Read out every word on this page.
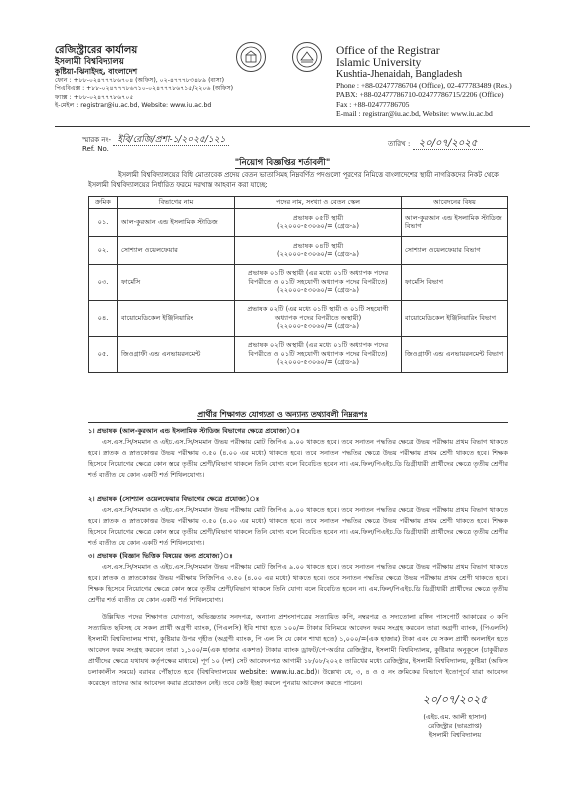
রেজিস্ট্রারের কার্যালয়
ইসলামী বিশ্ববিদ্যালয়
কুষ্টিয়া-ঝিনাইদহ, বাংলাদেশ
ফোন : +৮৮-০২৪৭৭৭৮৬৭০৪ (অফিস), ০২-৪৭৭৭৮৩৪৮৯ (বাসা)
পিএবিএক্স : +৮৮-০২৪৭৭৭৮৬৭১০-০২৪৭৭৭৮৬৭১৫/২২০৬ (অফিস)
ফ্যাক্স : +৮৮-০২৪৭৭৭৮৬৭০৫
ই-মেইল : registrar@iu.ac.bd, Website: www.iu.ac.bd
Office of the Registrar
Islamic University
Kushtia-Jhenaidah, Bangladesh
Phone : +88-02477786704 (Office), 02-477783489 (Res.)
PABX: +88-02477786710-02477786715/2206 (Office)
Fax : +88-02477786705
E-mail : registrar@iu.ac.bd, Website: www.iu.ac.bd
স্মারক নং- ইবি/রেজি/প্রশা-১/২০২৫/১২১
Ref. No.
তারিখ : ২০/০৭/২০২৫
"নিয়োগ বিজ্ঞপ্তির শর্তাবলী"
ইসলামী বিশ্ববিদ্যালয়ের বিধি মোতাবেক প্রদেয় বেতন ভাতাসিমহ নিম্নবর্ণিত পদগুলো পূরণের নিমিত্তে বাংলাদেশের স্থায়ী নাগরিকদের নিকট থেকে ইসলামী বিশ্ববিদ্যালয়ের নির্ধারিত ফরমে দরখাস্ত আহবান করা যাচ্ছে:
ক্রমিক	বিভাগের নাম	পদের নাম, সংখ্যা ও বেতন স্কেল	আবেদনের বিষয়
০১.	আল-কুরআন এন্ড ইসলামিক স্টাডিজ	প্রভাষক ০৫টি স্থায়ী
(২২০০০-৫৩০৬০/= (গ্রেড-৯)	আল-কুরআন এন্ড ইসলামিক স্টাডিজ বিভাগ
০২.	সোশ্যাল ওয়েলফেয়ার	প্রভাষক ০৪টি স্থায়ী
(২২০০০-৫৩০৬০/= (গ্রেড-৯)	সোশ্যাল ওয়েলফেয়ার বিভাগ
০৩.	ফার্মেসি	প্রভাষক ০১টি অস্থায়ী (এর মধ্যে ০১টি অধ্যাপক পদের বিপরীতে ও ০১টি সহযোগী অধ্যাপক পদের বিপরীতে)
(২২০০০-৫৩০৬০/= (গ্রেড-৯)	ফার্মেসি বিভাগ
০৪.	বায়োমেডিকেল ইঞ্জিনিয়ারিং	প্রভাষক ০২টি (এর মধ্যে ০১টি স্থায়ী ও ০১টি সহযোগী অধ্যাপক পদের বিপরীতে অস্থায়ী)
(২২০০০-৫৩০৬০/= (গ্রেড-৯)	বায়োমেডিকেল ইঞ্জিনিয়ারিং বিভাগ
০৫.	জিওগ্রাফী এন্ড এনভায়রনমেন্ট	প্রভাষক ০২টি অস্থায়ী (এর মধ্যে ০১টি অধ্যাপক পদের বিপরীতে ও ০১টি সহযোগী অধ্যাপক পদের বিপরীতে)
(২২০০০-৫৩০৬০/= (গ্রেড-৯)	জিওগ্রাফী এন্ড এনভায়রনমেন্ট বিভাগ
প্রার্থীর শিক্ষাগত যোগ্যতা ও অন্যান্য তথ্যাবলী নিম্নরূপঃ
১। প্রভাষক (আল-কুরআন এন্ড ইসলামিক স্টাডিজ বিভাগের ক্ষেত্রে প্রযোজ্য)ঃ
এস.এস.সি/সমমান ও এইচ.এস.সি/সমমান উভয় পরীক্ষায় মোট জিপিএ ৯.০০ থাকতে হবে। তবে সনাতন পদ্ধতির ক্ষেত্রে উভয় পরীক্ষায় প্রথম বিভাগ থাকতে হবে। স্নাতক ও স্নাতকোত্তর উভয় পরীক্ষায় ৩.৫০ (৪.০০ এর মধ্যে) থাকতে হবে। তবে সনাতন পদ্ধতির ক্ষেত্রে উভয় পরীক্ষায় প্রথম শ্রেণী থাকতে হবে। শিক্ষক হিসেবে নিয়োগের ক্ষেত্রে কোন স্তরে তৃতীয় শ্রেণী/বিভাগ থাকলে তিনি যোগ্য বলে বিবেচিত হবেন না। এম.ফিল/পিএইচ.ডি ডিগ্রীধারী প্রার্থীদের ক্ষেত্রে তৃতীয় শ্রেণীর শর্ত ব্যতীত যে কোন একটি শর্ত শিথিলযোগ্য।
২। প্রভাষক (সোশ্যাল ওয়েলফেয়ার বিভাগের ক্ষেত্রে প্রযোজ্য)ঃ
এস.এস.সি/সমমান ও এইচ.এস.সি/সমমান উভয় পরীক্ষায় মোট জিপিএ ৯.০০ থাকতে হবে। তবে সনাতন পদ্ধতির ক্ষেত্রে উভয় পরীক্ষায় প্রথম বিভাগ থাকতে হবে। স্নাতক ও স্নাতকোত্তর উভয় পরীক্ষায় ৩.৫০ (৪.০০ এর মধ্যে) থাকতে হবে। তবে সনাতন পদ্ধতির ক্ষেত্রে উভয় পরীক্ষায় প্রথম শ্রেণী থাকতে হবে। শিক্ষক হিসেবে নিয়োগের ক্ষেত্রে কোন স্তরে তৃতীয় শ্রেণী/বিভাগ থাকলে তিনি যোগ্য বলে বিবেচিত হবেন না। এম.ফিল/পিএইচ.ডি ডিগ্রীধারী প্রার্থীদের ক্ষেত্রে তৃতীয় শ্রেণীর শর্ত ব্যতীত যে কোন একটি শর্ত শিথিলযোগ্য।
৩। প্রভাষক (বিজ্ঞান ভিত্তিক বিষয়ের জন্য প্রযোজ্য)ঃ
এস.এস.সি/সমমান ও এইচ.এস.সি/সমমান উভয় পরীক্ষায় মোট জিপিএ ৯.০০ থাকতে হবে। তবে সনাতন পদ্ধতির ক্ষেত্রে উভয় পরীক্ষায় প্রথম বিভাগ থাকতে হবে। স্নাতক ও স্নাতকোত্তর উভয় পরীক্ষায় সিজিপিএ ৩.৫০ (৪.০০ এর মধ্যে) থাকতে হবে। তবে সনাতন পদ্ধতির ক্ষেত্রে উভয় পরীক্ষায় প্রথম শ্রেণী থাকতে হবে। শিক্ষক হিসেবে নিয়োগের ক্ষেত্রে কোন স্তরে তৃতীয় শ্রেণী/বিভাগ থাকলে তিনি যোগ্য বলে বিবেচিত হবেন না। এম.ফিল/পিএইচ.ডি ডিগ্রীধারী প্রার্থীদের ক্ষেত্রে তৃতীয় শ্রেণীর শর্ত ব্যতীত যে কোন একটি শর্ত শিথিলযোগ্য।
উল্লিখিত পদের শিক্ষাগত যোগ্যতা, অভিজ্ঞতার সনদপত্র, অন্যান্য প্রশংসাপত্রের সত্যায়িত কপি, নম্বরপত্র ও সদ্যতোলা রঙ্গিন পাসপোর্ট আকারের ৩ কপি সত্যায়িত ছবিসহ যে সকল প্রার্থী অগ্রণী ব্যাংক, (পিএলসি) ইবি শাখা হতে ১০০/= টাকার বিনিময়ে আবেদন ফরম সংগ্রহ করবেন তারা অগ্রণী ব্যাংক, (পিএলসি) ইসলামী বিশ্ববিদ্যালয় শাখা, কুষ্টিয়ার উপর গৃহীত (অগ্রণী ব্যাংক, পি এল সি যে কোন শাখা হতে) ১,০০০/=(এক হাজার) টাকা এবং যে সকল প্রার্থী অনলাইন হতে আবেদন ফরম সংগ্রহ করবেন তারা ১,১০০/=(এক হাজার একশত) টাকার ব্যাংক ড্রাফট/পে-অর্ডার রেজিস্ট্রার, ইসলামী বিশ্ববিদ্যালয়, কুষ্টিয়ার অনুকূলে (চাকুরীরত প্রার্থীদের ক্ষেত্রে যথাযথ কর্তৃপক্ষের মাধ্যমে) পূর্ণ ১০ (দশ) সেট আবেদনপত্র আগামী ১৮/০৮/২০২৫ তারিখের মধ্যে রেজিস্ট্রার, ইসলামী বিশ্ববিদ্যালয়, কুষ্টিয়া (অফিস চলাকালীন সময়ে) বরাবর পৌঁছাতে হবে (বিশ্ববিদ্যালয়ের website: www.iu.ac.bd)। উল্লেখ্য যে, ৩, ৪ ও ৫ নং ক্রমিকের বিভাগে ইতোপূর্বে যারা আবেদন করেছেন তাদের আর আবেদন করার প্রয়োজন নেই। তবে কেউ ইচ্ছা করলে পুনরায় আবেদন করতে পারেন।
২০/০৭/২০২৫
(এইচ.এম. আলী হাসান)
রেজিস্ট্রার (ভারপ্রাপ্ত)
ইসলামী বিশ্ববিদ্যালয়
